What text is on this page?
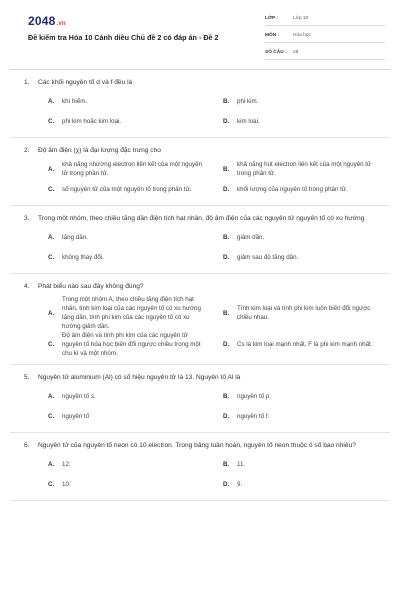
2048.vn
Đề kiểm tra Hóa 10 Cánh diều Chủ đề 2 có đáp án - Đề 2
LỚP :	Lớp 10
MÔN :	Hóa học
SỐ CÂU :	28
1.	Các khối nguyên tố d và f đều là
A.	khí hiếm.	B.	phi kim.
C.	phi kim hoặc kim loại.	D.	kim loại.
2.	Độ âm điện (χ) là đại lượng đặc trưng cho
A.
khả năng nhường electron liên kết của một nguyên tử trong phân tử.
B.
khả năng hút electron liên kết của một nguyên tử trong phân tử.
C.	số nguyên tử của một nguyên tố trong phân tử.	D.	khối lượng của nguyên tố trong phân tử.
3.	Trong một nhóm, theo chiều tăng dần điện tích hạt nhân, độ âm điện của các nguyên tử nguyên tố có xu hướng
A.	tăng dần.	B.	giảm dần.
C.	không thay đổi.	D.	giảm sau đó tăng dần.
4.	Phát biểu nào sau đây không đúng?
A.
Trong một nhóm A, theo chiều tăng điện tích hạt nhân, tính kim loại của các nguyên tố có xu hướng tăng dần, tính phi kim của các nguyên tố có xu hướng giảm dần.
B.
Tính kim loại và tính phi kim luôn biến đổi ngược chiều nhau.
C.
Độ âm điện và tính phi kim của các nguyên tử nguyên tố hóa học biến đổi ngược chiều trong một chu kì và một nhóm.
D.	Cs là kim loại mạnh nhất, F là phi kim mạnh nhất.
5.	Nguyên tử aluminium (Al) có số hiệu nguyên tử là 13. Nguyên tố Al là
A.	nguyên tố s.	B.	nguyên tố p.
C.	nguyên tố	D.	nguyên tố f.
6.	Nguyên tử của nguyên tố neon có 10 electron. Trong bảng tuần hoàn, nguyên tố neon thuộc ô số bao nhiêu?
A.	12.	B.	11.
C.	10.	D.	9.
